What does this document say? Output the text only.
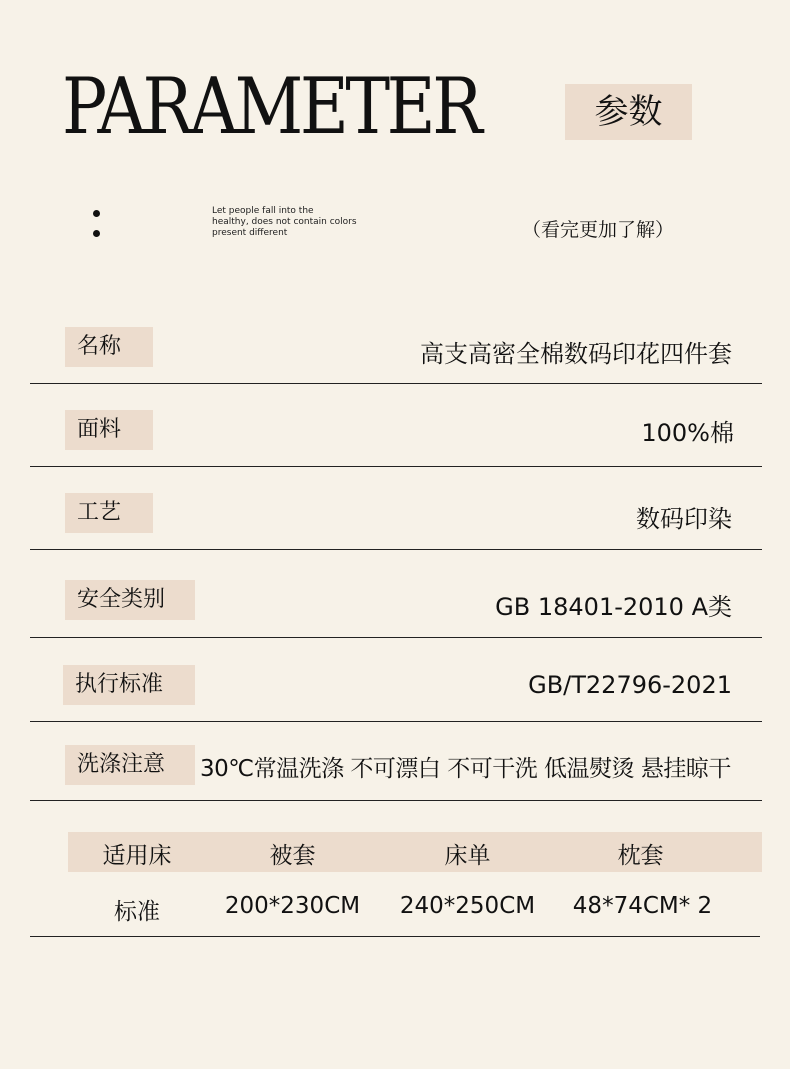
PARAMETER	参数
Let people fall into the
healthy, does not contain colors
present different	（看完更加了解）
名称	高支高密全棉数码印花四件套
面料	100%棉
工艺	数码印染
安全类别	GB 18401-2010 A类
执行标准	GB/T22796-2021
洗涤注意	30℃常温洗涤 不可漂白 不可干洗 低温熨烫 悬挂晾干
适用床	被套	床单	枕套
标准	200*230CM	240*250CM	48*74CM* 2
